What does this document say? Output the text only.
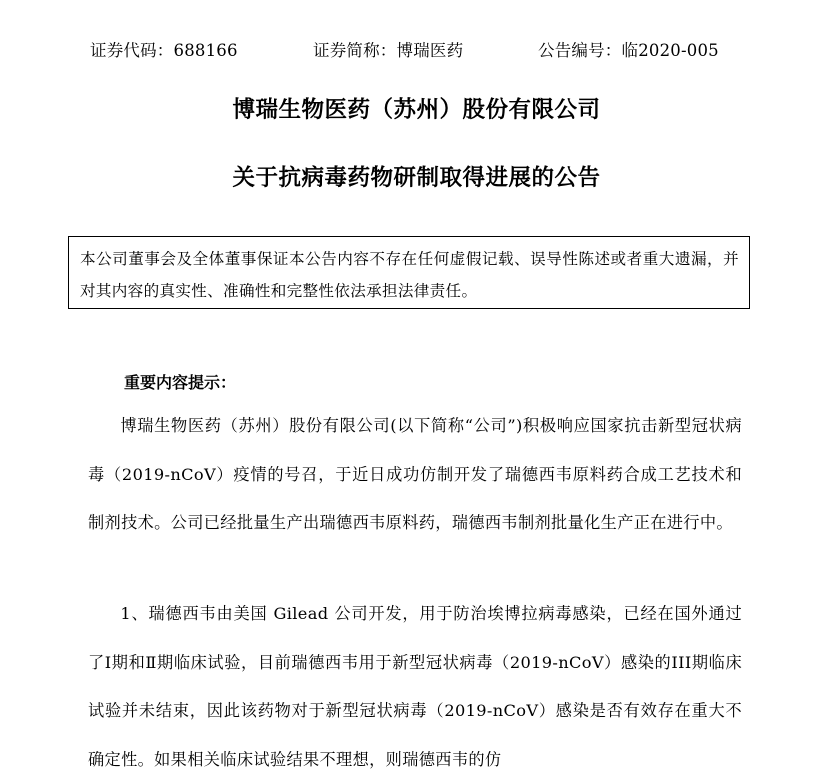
证券代码：688166	证券简称：博瑞医药	公告编号：临2020-005
博瑞生物医药（苏州）股份有限公司
关于抗病毒药物研制取得进展的公告
本公司董事会及全体董事保证本公告内容不存在任何虚假记载、误导性陈述或者重大遗漏，并对其内容的真实性、准确性和完整性依法承担法律责任。
重要内容提示：
博瑞生物医药（苏州）股份有限公司(以下简称“公司”)积极响应国家抗击新型冠状病毒（2019-nCoV）疫情的号召，于近日成功仿制开发了瑞德西韦原料药合成工艺技术和制剂技术。公司已经批量生产出瑞德西韦原料药，瑞德西韦制剂批量化生产正在进行中。
1、瑞德西韦由美国 Gilead 公司开发，用于防治埃博拉病毒感染，已经在国外通过了Ⅰ期和Ⅱ期临床试验，目前瑞德西韦用于新型冠状病毒（2019-nCoV）感染的III期临床试验并未结束，因此该药物对于新型冠状病毒（2019-nCoV）感染是否有效存在重大不确定性。如果相关临床试验结果不理想，则瑞德西韦的仿
